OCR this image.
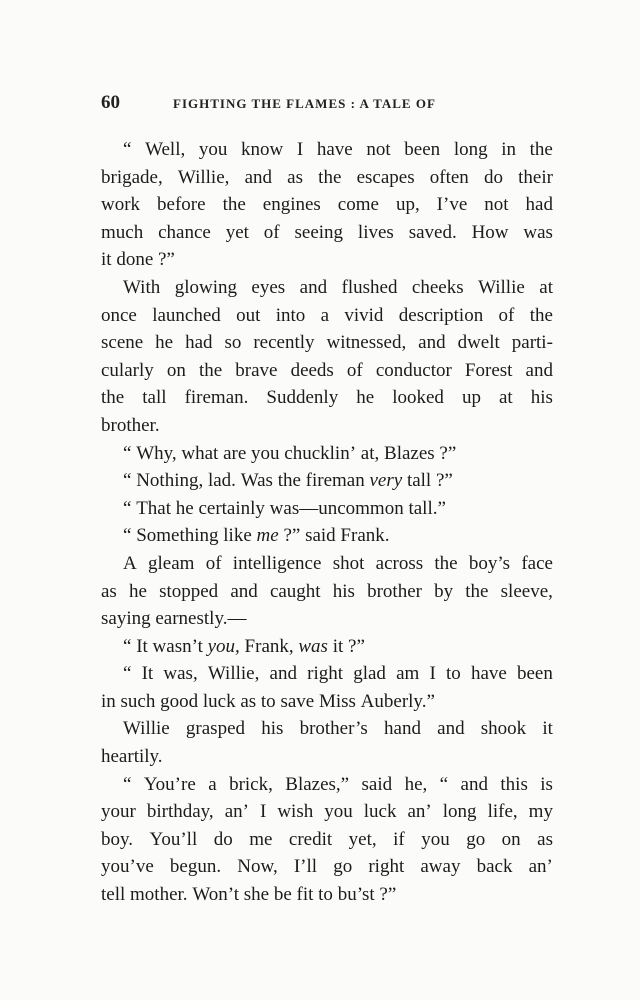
60	FIGHTING THE FLAMES : A TALE OF
“ Well, you know I have not been long in the
brigade, Willie, and as the escapes often do their
work before the engines come up, I’ve not had
much chance yet of seeing lives saved. How was
it
done
?”
With glowing eyes and flushed cheeks Willie at
once launched out into a vivid description of the
scene he had so recently witnessed, and dwelt parti-
cularly on the brave deeds of conductor Forest and
the tall fireman. Suddenly he looked up at his
brother.
“
Why,
what
are
you
chucklin’
at,
Blazes
?”
“
Nothing,
lad.
Was
the
fireman
very
tall
?”
“
That
he
certainly
was—uncommon
tall.”
“
Something
like
me
?”
said
Frank.
A gleam of intelligence shot across the boy’s face
as he stopped and caught his brother by the sleeve,
saying
earnestly.—
“
It
wasn’t
you,
Frank,
was
it
?”
“ It was, Willie, and right glad am I to have been
in
such
good
luck
as
to
save
Miss
Auberly.”
Willie grasped his brother’s hand and shook it
heartily.
“ You’re a brick, Blazes,” said he, “ and this is
your birthday, an’ I wish you luck an’ long life, my
boy. You’ll do me credit yet, if you go on as
you’ve begun. Now, I’ll go right away back an’
tell
mother.
Won’t
she
be
fit
to
bu’st
?”
